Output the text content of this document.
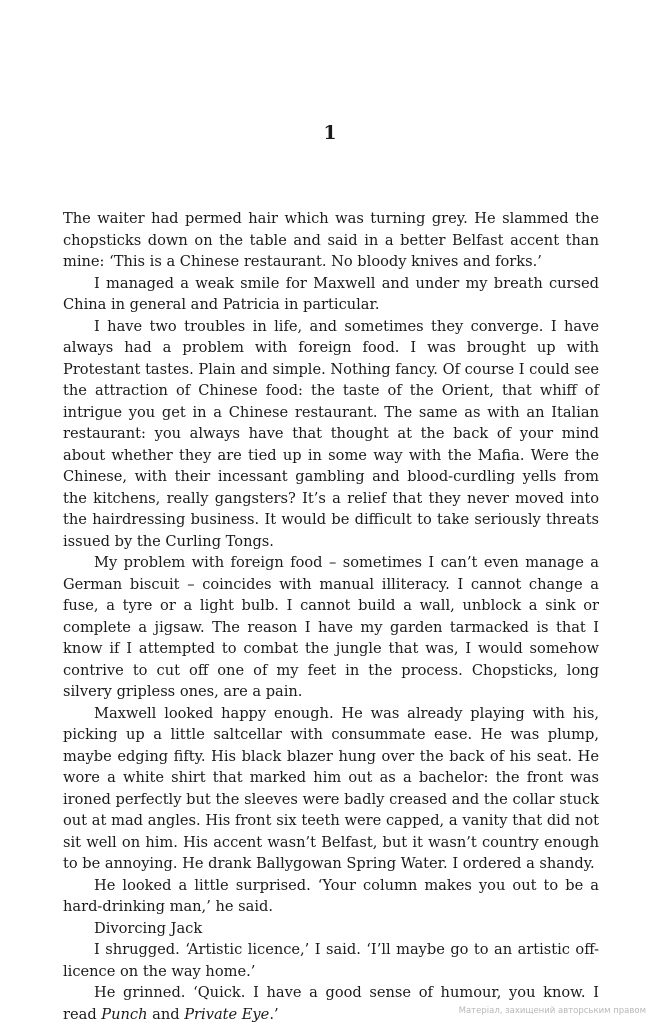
1

The waiter had permed hair which was turning grey. He slammed the chopsticks down on the table and said in a better Belfast accent than mine: ‘This is a Chinese restaurant. No bloody knives and forks.’

I managed a weak smile for Maxwell and under my breath cursed China in general and Patricia in particular.

I have two troubles in life, and sometimes they converge. I have always had a problem with foreign food. I was brought up with Protestant tastes. Plain and simple. Nothing fancy. Of course I could see the attraction of Chinese food: the taste of the Orient, that whiff of intrigue you get in a Chinese restaurant. The same as with an Italian restaurant: you always have that thought at the back of your mind about whether they are tied up in some way with the Mafia. Were the Chinese, with their incessant gambling and blood-curdling yells from the kitchens, really gangsters? It’s a relief that they never moved into the hairdressing business. It would be difficult to take seriously threats issued by the Curling Tongs.

My problem with foreign food – sometimes I can’t even manage a German biscuit – coincides with manual illiteracy. I cannot change a fuse, a tyre or a light bulb. I cannot build a wall, unblock a sink or complete a jigsaw. The reason I have my garden tarmacked is that I know if I attempted to combat the jungle that was, I would somehow contrive to cut off one of my feet in the process. Chopsticks, long silvery gripless ones, are a pain.

Maxwell looked happy enough. He was already playing with his, picking up a little saltcellar with consummate ease. He was plump, maybe edging fifty. His black blazer hung over the back of his seat. He wore a white shirt that marked him out as a bachelor: the front was ironed perfectly but the sleeves were badly creased and the collar stuck out at mad angles. His front six teeth were capped, a vanity that did not sit well on him. His accent wasn’t Belfast, but it wasn’t country enough to be annoying. He drank Ballygowan Spring Water. I ordered a shandy.

He looked a little surprised. ‘Your column makes you out to be a hard-drinking man,’ he said.

Divorcing Jack

I shrugged. ‘Artistic licence,’ I said. ‘I’ll maybe go to an artistic off-licence on the way home.’

He grinned. ‘Quick. I have a good sense of humour, you know. I read Punch and Private Eye.’	Матеріал, захищений авторським правом
